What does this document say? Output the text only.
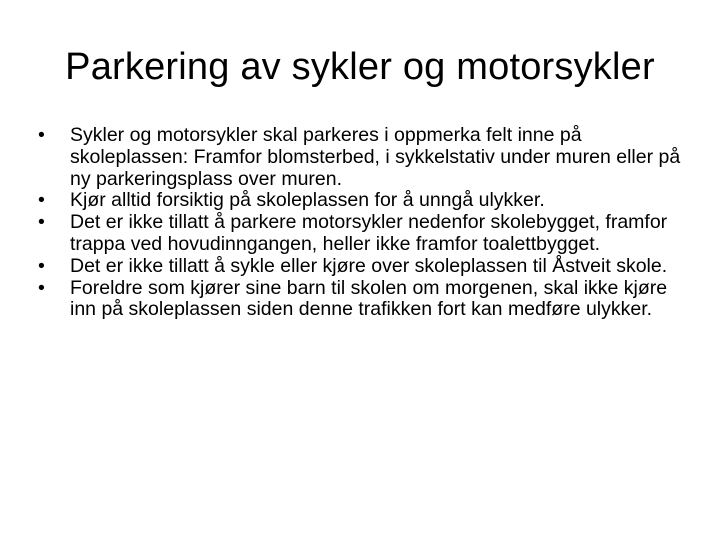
Parkering av sykler og motorsykler
•	Sykler og motorsykler skal parkeres i oppmerka felt inne på skoleplassen: Framfor blomsterbed, i sykkelstativ under muren eller på ny parkeringsplass over muren.
•	Kjør alltid forsiktig på skoleplassen for å unngå ulykker.
•	Det er ikke tillatt å parkere motorsykler nedenfor skolebygget, framfor trappa ved hovudinngangen, heller ikke framfor toalettbygget.
•	Det er ikke tillatt å sykle eller kjøre over skoleplassen til Åstveit skole.
•	Foreldre som kjører sine barn til skolen om morgenen, skal ikke kjøre inn på skoleplassen siden denne trafikken fort kan medføre ulykker.
